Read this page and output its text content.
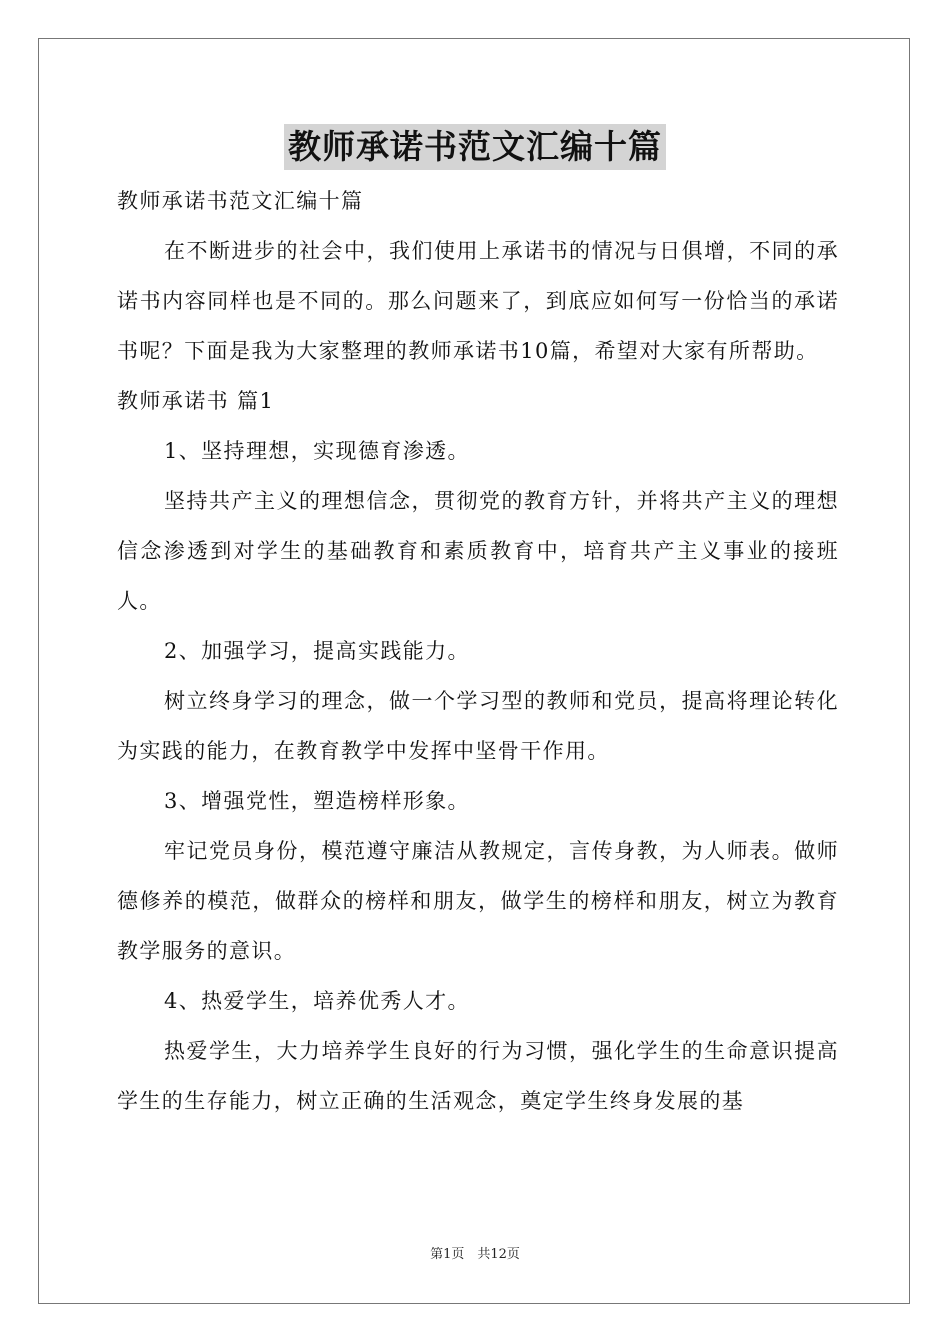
教师承诺书范文汇编十篇

教师承诺书范文汇编十篇

在不断进步的社会中，我们使用上承诺书的情况与日俱增，不同的承诺书内容同样也是不同的。那么问题来了，到底应如何写一份恰当的承诺书呢？下面是我为大家整理的教师承诺书10篇，希望对大家有所帮助。

教师承诺书 篇1

1、坚持理想，实现德育渗透。

坚持共产主义的理想信念，贯彻党的教育方针，并将共产主义的理想信念渗透到对学生的基础教育和素质教育中，培育共产主义事业的接班人。

2、加强学习，提高实践能力。

树立终身学习的理念，做一个学习型的教师和党员，提高将理论转化为实践的能力，在教育教学中发挥中坚骨干作用。

3、增强党性，塑造榜样形象。

牢记党员身份，模范遵守廉洁从教规定，言传身教，为人师表。做师德修养的模范，做群众的榜样和朋友，做学生的榜样和朋友，树立为教育教学服务的意识。

4、热爱学生，培养优秀人才。

热爱学生，大力培养学生良好的行为习惯，强化学生的生命意识提高学生的生存能力，树立正确的生活观念，奠定学生终身发展的基

第1页　共12页
